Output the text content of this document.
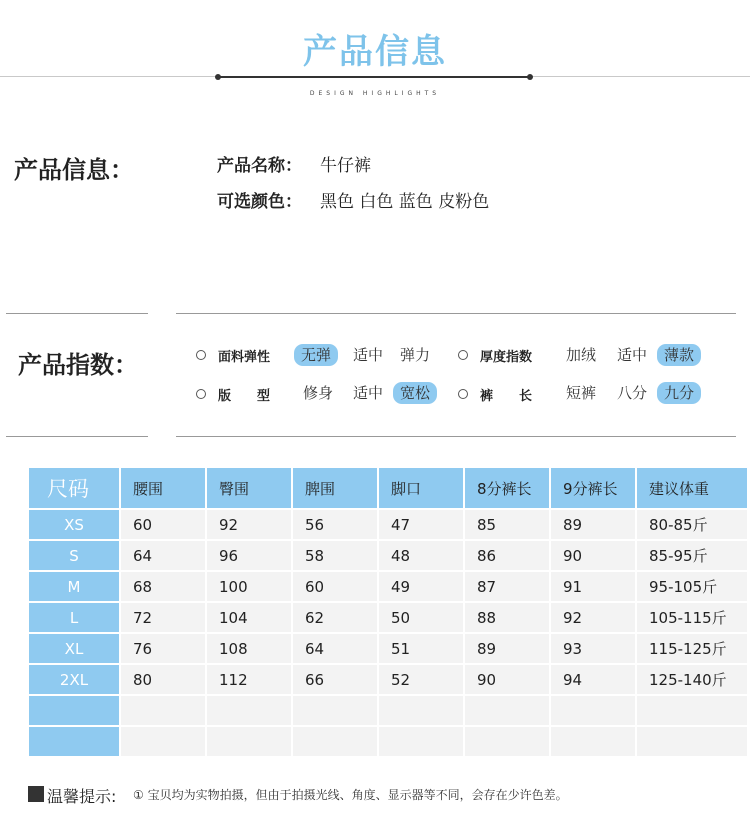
产品信息
DESIGN HIGHLIGHTS
产品信息：	产品名称： 牛仔裤
可选颜色： 黑色 白色 蓝色 皮粉色
产品指数：	面料弹性	无弹	适中	弹力	厚度指数	加绒	适中	薄款
版　　型	修身	适中	宽松	裤　　长	短裤	八分	九分
尺码	腰围	臀围	脾围	脚口	8分裤长	9分裤长	建议体重
XS	60	92	56	47	85	89	80-85斤
S	64	96	58	48	86	90	85-95斤
M	68	100	60	49	87	91	95-105斤
L	72	104	62	50	88	92	105-115斤
XL	76	108	64	51	89	93	115-125斤
2XL	80	112	66	52	90	94	125-140斤

温馨提示: ① 宝贝均为实物拍摄，但由于拍摄光线、角度、显示器等不同，会存在少许色差。
